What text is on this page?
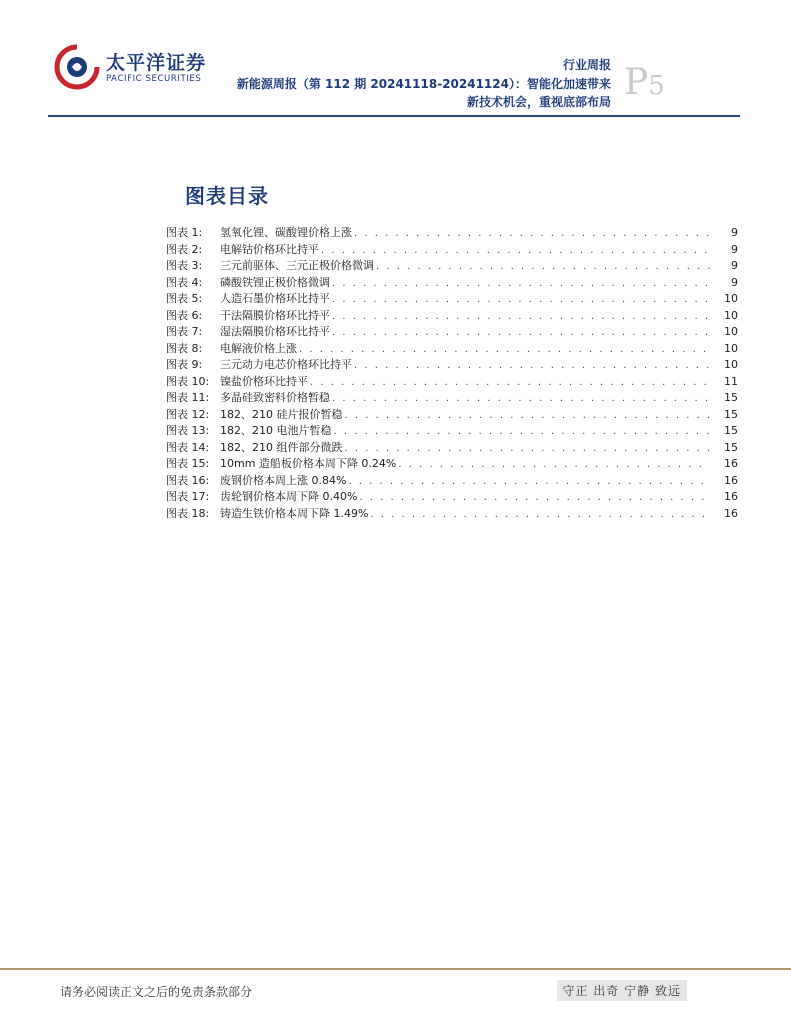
太平洋证券
PACIFIC SECURITIES
行业周报
新能源周报（第 112 期 20241118-20241124）：智能化加速带来
新技术机会，重视底部布局 P5
图表目录
图表 1:	氢氧化锂、碳酸锂价格上涨 . . .	9
图表 2:	电解钴价格环比持平 . . .	9
图表 3:	三元前驱体、三元正极价格微调 . . .	9
图表 4:	磷酸铁锂正极价格微调 . . .	9
图表 5:	人造石墨价格环比持平 . . .	10
图表 6:	干法隔膜价格环比持平 . . .	10
图表 7:	湿法隔膜价格环比持平 . . .	10
图表 8:	电解液价格上涨 . . .	10
图表 9:	三元动力电芯价格环比持平 . . .	10
图表 10: 镍盐价格环比持平 . . .	11
图表 11: 多晶硅致密料价格暂稳 . . .	15
图表 12: 182、210 硅片报价暂稳 . . .	15
图表 13: 182、210 电池片暂稳 . . .	15
图表 14: 182、210 组件部分微跌 . . .	15
图表 15: 10mm 造船板价格本周下降 0.24% . . .	16
图表 16: 废钢价格本周上涨 0.84% . . .	16
图表 17: 齿轮钢价格本周下降 0.40% . . .	16
图表 18: 铸造生铁价格本周下降 1.49% . . .	16
请务必阅读正文之后的免责条款部分	守正 出奇 宁静 致远
